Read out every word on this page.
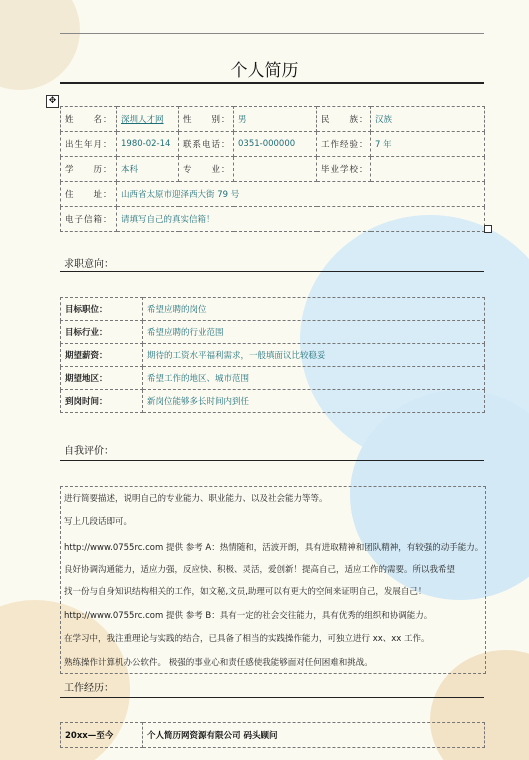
个人简历
✥
姓　　名：	深圳人才网	性　　别：	男	民　　族：	汉族
出生年月：	1980-02-14	联系电话：	0351-000000	工作经验：	7 年
学　　历：	本科	专　　业：		毕业学校：	
住　　址：	山西省太原市迎泽西大街 79 号				
电子信箱：	请填写自己的真实信箱！				
求职意向：
目标职位：	希望应聘的岗位
目标行业：	希望应聘的行业范围
期望薪资：	期待的工资水平福利需求，一般填面议比较稳妥
期望地区：	希望工作的地区、城市范围
到岗时间：	新岗位能够多长时间内到任
自我评价：
进行简要描述，说明自己的专业能力、职业能力、以及社会能力等等。
写上几段话即可。
http://www.0755rc.com 提供 参考 A：热情随和，活波开朗，具有进取精神和团队精神，有较强的动手能力。
良好协调沟通能力，适应力强，反应快、积极、灵活，爱创新！提高自己，适应工作的需要。所以我希望
找一份与自身知识结构相关的工作，如文秘,文员,助理可以有更大的空间来证明自己，发展自己！
http://www.0755rc.com 提供 参考 B：具有一定的社会交往能力，具有优秀的组织和协调能力。
在学习中，我注重理论与实践的结合，已具备了相当的实践操作能力，可独立进行 xx、xx 工作。
熟练操作计算机办公软件。 极强的事业心和责任感使我能够面对任何困难和挑战。
工作经历：
20xx—至今	个人简历网资源有限公司 码头顾问
